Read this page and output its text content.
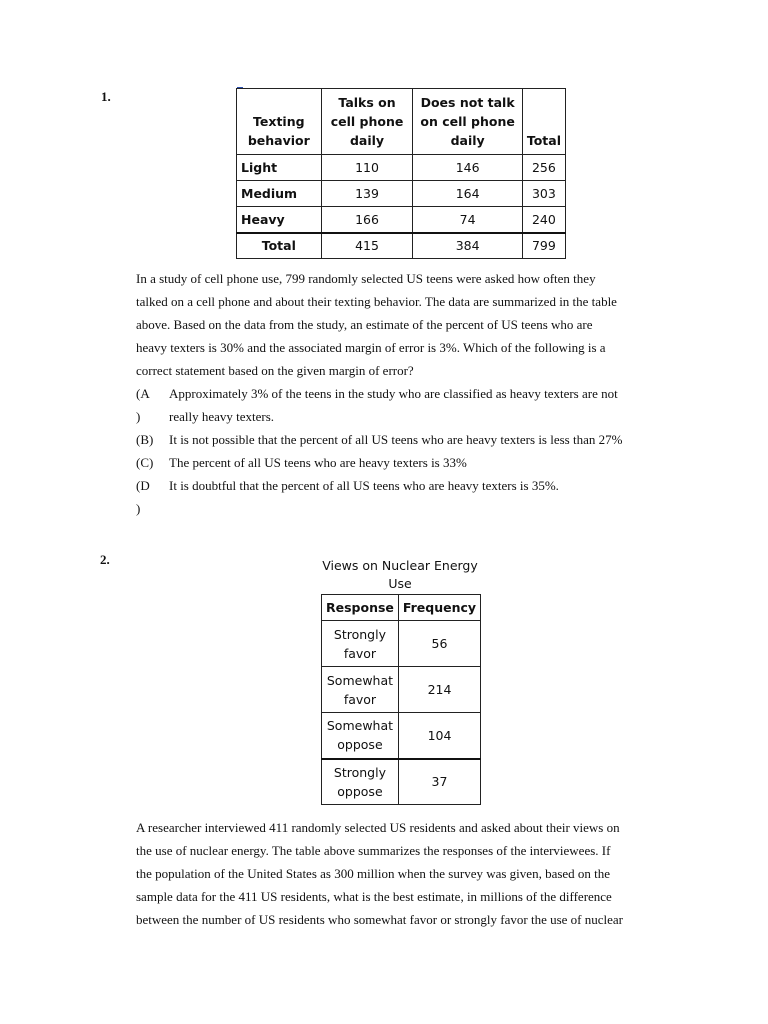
1.
Texting behavior	Talks on cell phone daily	Does not talk on cell phone daily	Total
Light	110	146	256
Medium	139	164	303
Heavy	166	74	240
Total	415	384	799
In a study of cell phone use, 799 randomly selected US teens were asked how often they
talked on a cell phone and about their texting behavior. The data are summarized in the table
above. Based on the data from the study, an estimate of the percent of US teens who are
heavy texters is 30% and the associated margin of error is 3%. Which of the following is a
correct statement based on the given margin of error?
(A
)
Approximately 3% of the teens in the study who are classified as heavy texters are not
really heavy texters.
(B)	It is not possible that the percent of all US teens who are heavy texters is less than 27%
(C)	The percent of all US teens who are heavy texters is 33%
(D
)
It is doubtful that the percent of all US teens who are heavy texters is 35%.
2.	Views on Nuclear Energy
Use
Response	Frequency

Strongly
favor	56

Somewhat
favor	214

Somewhat
oppose	104

Strongly
oppose	37
A researcher interviewed 411 randomly selected US residents and asked about their views on
the use of nuclear energy. The table above summarizes the responses of the interviewees. If
the population of the United States as 300 million when the survey was given, based on the
sample data for the 411 US residents, what is the best estimate, in millions of the difference
between the number of US residents who somewhat favor or strongly favor the use of nuclear
